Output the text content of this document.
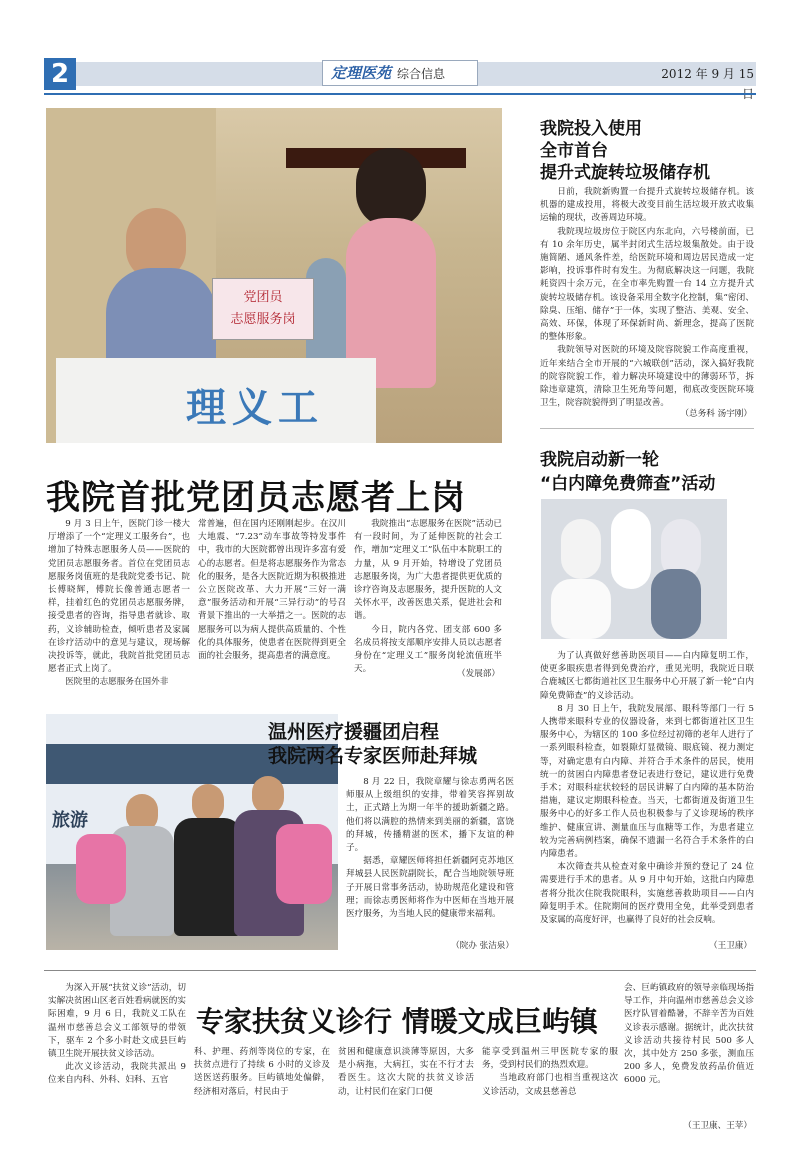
2	定理医苑 综合信息	2012 年 9 月 15
党团员
志愿服务岗
理义工
我院首批党团员志愿者上岗

9 月 3 日上午，医院门诊一楼大厅增添了一个“定理义工服务台”，也增加了特殊志愿服务人员——医院的党团员志愿服务者。首位在党团员志愿服务岗值班的是我院党委书记、院长傅晓辉，傅院长像普通志愿者一样，挂着红色的党团员志愿服务牌，接受患者的咨询，指导患者就诊、取药，义诊辅助检查，倾听患者及家属在诊疗活动中的意见与建议，现场解决投诉等，就此，我院首批党团员志愿者正式上岗了。

医院里的志愿服务在国外非

常普遍，但在国内还刚刚起步。在汉川大地震、“7.23”动车事故等特发事件中，我市的大医院都曾出现许多富有爱心的志愿者。但是将志愿服务作为常态化的服务，是各大医院近期为积极推进公立医院改革、大力开展“三好一满意”服务活动和开展“三异行动”的号召背景下推出的一大举措之一。医院的志愿服务可以为病人提供高质量的、个性化的具体服务，使患者在医院得到更全面的社会服务，提高患者的满意度。

我院推出“志愿服务在医院”活动已有一段时间，为了延伸医院的社会工作，增加“定理义工”队伍中本院职工的力量，从 9 月开始，特增设了党团员志愿服务岗，为广大患者提供更优质的诊疗咨询及志愿服务，提升医院的人文关怀水平，改善医患关系，促进社会和谐。

今日，院内各党、团支部 600 多名成员将按支部顺序安排人员以志愿者身份在“定理义工”服务岗轮流值班半天。	（发展部）
我院投入使用
全市首台
提升式旋转垃圾储存机

日前，我院新购置一台提升式旋转垃圾储存机。该机器的建成投用，将极大改变目前生活垃圾开放式收集运输的现状，改善周边环境。

我院现垃圾房位于院区内东北向，六号楼前面，已有 10 余年历史，属半封闭式生活垃圾集散处。由于设施简陋、通风条件差，给医院环境和周边居民造成一定影响，投诉事件时有发生。为彻底解决这一问题，我院耗资四十余万元，在全市率先购置一台 14 立方提升式旋转垃圾储存机。该设备采用全数字化控制，集“密闭、除臭、压缩、储存”于一体，实现了整洁、美观、安全、高效、环保，体现了环保新时尚、新理念，提高了医院的整体形象。

我院领导对医院的环境及院容院貌工作高度重视，近年来结合全市开展的“六城联创”活动，深入搞好我院的院容院貌工作，着力解决环境建设中的薄弱环节，拆除违章建筑，清除卫生死角等问题，彻底改变医院环境卫生，院容院貌得到了明显改善。

（总务科 汤宇刚）
我院启动新一轮
“白内障免费筛查”活动

为了认真做好慈善助医项目——白内障复明工作，使更多眼疾患者得到免费治疗，重见光明，我院近日联合鹿城区七都街道社区卫生服务中心开展了新一轮“白内障免费筛查”的义诊活动。

8 月 30 日上午，我院发展部、眼科等部门一行 5 人携带来眼科专业的仪器设备，来到七都街道社区卫生服务中心，为辖区的 100 多位经过初筛的老年人进行了一系列眼科检查，如裂隙灯显微镜、眼底镜、视力测定等，对确定患有白内障、并符合手术条件的居民，使用统一的贫困白内障患者登记表进行登记，建议进行免费手术；对眼科症状较轻的居民讲解了白内障的基本防治措施，建议定期眼科检查。当天，七都街道及街道卫生服务中心的好多工作人员也积极参与了义诊现场的秩序维护、健康宣讲、测量血压与血糖等工作，为患者建立较为完善病例档案，确保不遗漏一名符合手术条件的白内障患者。

本次筛查共从检查对象中确诊并预约登记了 24 位需要进行手术的患者。从 9 月中旬开始，这批白内障患者将分批次住院我院眼科，实施慈善救助项目——白内障复明手术。住院期间的医疗费用全免，此举受到患者及家属的高度好评，也赢得了良好的社会反响。

（王卫康）
旅游
温州医疗援疆团启程
我院两名专家医师赴拜城

8 月 22 日，我院章耀与徐志勇两名医师服从上级组织的安排，带着笑容挥别故土，正式踏上为期一年半的援助新疆之路。他们将以满腔的热情来到美丽的新疆，富饶的拜城，传播精湛的医术，播下友谊的种子。

据悉，章耀医师将担任新疆阿克苏地区拜城县人民医院副院长，配合当地院领导班子开展日常事务活动，协助规范化建设和管理；而徐志勇医师将作为中医师在当地开展医疗服务，为当地人民的健康带来福利。

（院办 张洁泉）

为深入开展“扶贫义诊”活动，切实解决贫困山区老百姓看病就医的实际困难，9 月 6 日，我院义工队在温州市慈善总会义工部领导的带领下，驱车 2 个多小时赴文成县巨屿镇卫生院开展扶贫义诊活动。

此次义诊活动，我院共派出 9 位来自内科、外科、妇科、五官

专家扶贫义诊行 情暖文成巨屿镇

科、护理、药剂等岗位的专家，在扶贫点进行了持续 6 小时的义诊及送医送药服务。巨屿镇地处偏僻，经济相对落后，村民由于

贫困和健康意识淡薄等原因，大多是小病拖，大病扛，实在不行才去看医生。这次大院的扶贫义诊活动，让村民们在家门口便

能享受到温州三甲医院专家的服务，受到村民们的热烈欢迎。

当地政府部门也相当重视这次义诊活动，文成县慈善总

会、巨屿镇政府的领导亲临现场指导工作，并向温州市慈善总会义诊医疗队冒着酷暑，不辞辛苦为百姓义诊表示感谢。据统计，此次扶贫义诊活动共接待村民 500 多人次，其中处方 250 多张，测血压 200 多人，免费发放药品价值近 6000 元。

（王卫康、王苹）
